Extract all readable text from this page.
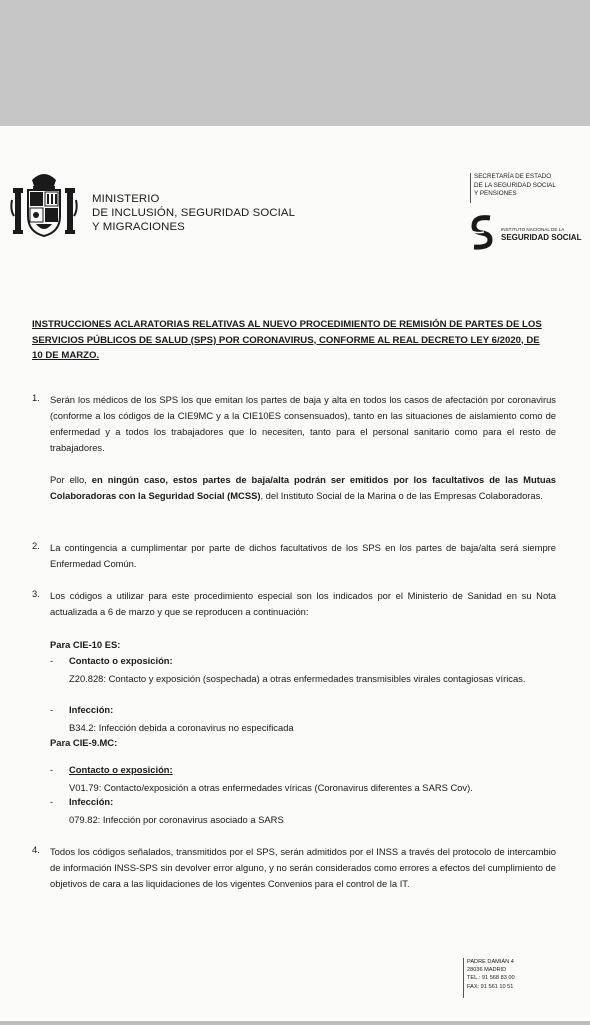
MINISTERIO
DE INCLUSIÓN, SEGURIDAD SOCIAL
Y MIGRACIONES
SECRETARÍA DE ESTADO
DE LA SEGURIDAD SOCIAL
Y PENSIONES
INSTITUTO NACIONAL DE LA
SEGURIDAD SOCIAL
INSTRUCCIONES ACLARATORIAS RELATIVAS AL NUEVO PROCEDIMIENTO DE REMISIÓN DE PARTES DE LOS SERVICIOS PÚBLICOS DE SALUD (SPS) POR CORONAVIRUS, CONFORME AL REAL DECRETO LEY 6/2020, DE 10 DE MARZO.
1. Serán los médicos de los SPS los que emitan los partes de baja y alta en todos los casos de afectación por coronavirus (conforme a los códigos de la CIE9MC y a la CIE10ES consensuados), tanto en las situaciones de aislamiento como de enfermedad y a todos los trabajadores que lo necesiten, tanto para el personal sanitario como para el resto de trabajadores.
Por ello, en ningún caso, estos partes de baja/alta podrán ser emitidos por los facultativos de las Mutuas Colaboradoras con la Seguridad Social (MCSS), del Instituto Social de la Marina o de las Empresas Colaboradoras.
2. La contingencia a cumplimentar por parte de dichos facultativos de los SPS en los partes de baja/alta será siempre Enfermedad Común.
3. Los códigos a utilizar para este procedimiento especial son los indicados por el Ministerio de Sanidad en su Nota actualizada a 6 de marzo y que se reproducen a continuación:
Para CIE-10 ES:
- Contacto o exposición:
Z20.828: Contacto y exposición (sospechada) a otras enfermedades transmisibles virales contagiosas víricas.
- Infección:
B34.2: Infección debida a coronavirus no especificada
Para CIE-9.MC:
- Contacto o exposición:
V01.79: Contacto/exposición a otras enfermedades víricas (Coronavirus diferentes a SARS Cov).
- Infección:
079.82: Infección por coronavirus asociado a SARS
4. Todos los códigos señalados, transmitidos por el SPS, serán admitidos por el INSS a través del protocolo de intercambio de información INSS-SPS sin devolver error alguno, y no serán considerados como errores a efectos del cumplimiento de objetivos de cara a las liquidaciones de los vigentes Convenios para el control de la IT.
PADRE DAMIÁN 4
28036 MADRID
TEL.: 91 568 83 00
FAX: 91 561 10 51
